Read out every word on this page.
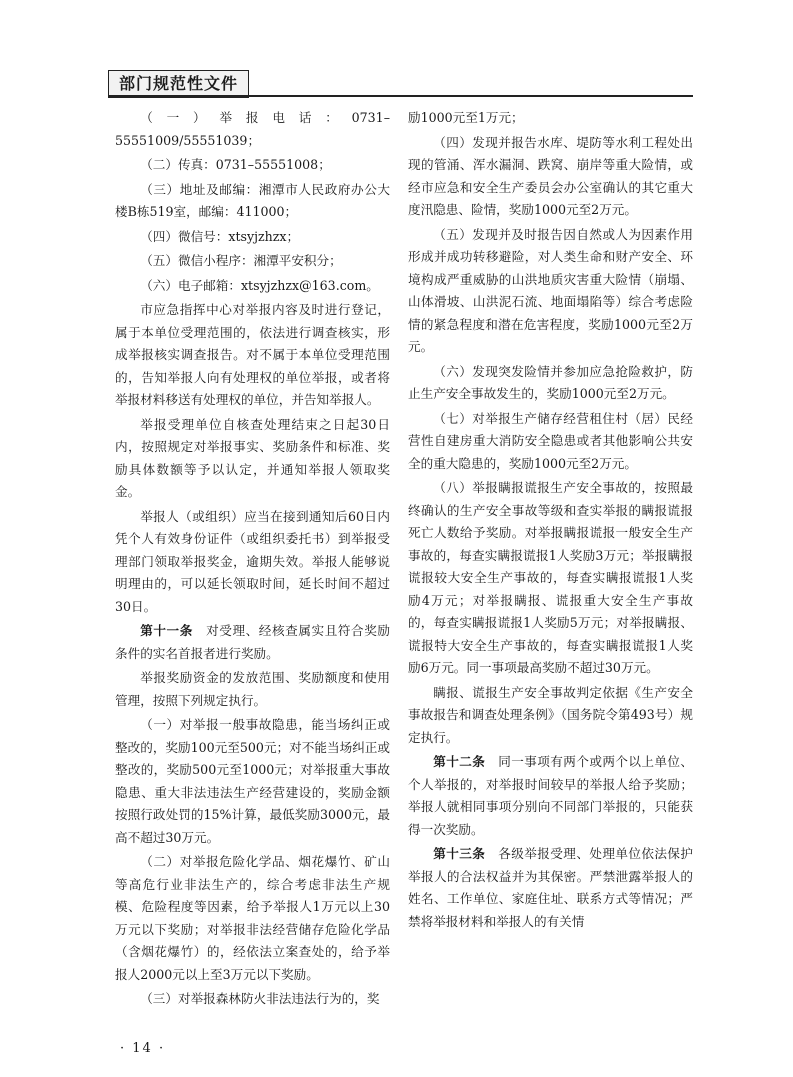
部门规范性文件

（一）举报电话：0731–55551009/55551039；

（二）传真：0731–55551008；

（三）地址及邮编：湘潭市人民政府办公大楼B栋519室，邮编：411000；

（四）微信号：xtsyjzhzx；

（五）微信小程序：湘潭平安积分；

（六）电子邮箱：xtsyjzhzx@163.com。

市应急指挥中心对举报内容及时进行登记，属于本单位受理范围的，依法进行调查核实，形成举报核实调查报告。对不属于本单位受理范围的，告知举报人向有处理权的单位举报，或者将举报材料移送有处理权的单位，并告知举报人。

举报受理单位自核查处理结束之日起30日内，按照规定对举报事实、奖励条件和标准、奖励具体数额等予以认定，并通知举报人领取奖金。

举报人（或组织）应当在接到通知后60日内凭个人有效身份证件（或组织委托书）到举报受理部门领取举报奖金，逾期失效。举报人能够说明理由的，可以延长领取时间，延长时间不超过30日。

第十一条　 对受理、经核查属实且符合奖励条件的实名首报者进行奖励。

举报奖励资金的发放范围、奖励额度和使用管理，按照下列规定执行。

（一）对举报一般事故隐患，能当场纠正或整改的，奖励100元至500元；对不能当场纠正或整改的，奖励500元至1000元；对举报重大事故隐患、重大非法违法生产经营建设的，奖励金额按照行政处罚的15%计算，最低奖励3000元，最高不超过30万元。

（二）对举报危险化学品、烟花爆竹、矿山等高危行业非法生产的，综合考虑非法生产规模、危险程度等因素，给予举报人1万元以上30万元以下奖励；对举报非法经营储存危险化学品（含烟花爆竹）的，经依法立案查处的，给予举报人2000元以上至3万元以下奖励。

（三）对举报森林防火非法违法行为的，奖

励1000元至1万元；

（四）发现并报告水库、堤防等水利工程处出现的管涌、浑水漏洞、跌窝、崩岸等重大险情，或经市应急和安全生产委员会办公室确认的其它重大度汛隐患、险情，奖励1000元至2万元。

（五）发现并及时报告因自然或人为因素作用形成并成功转移避险，对人类生命和财产安全、环境构成严重威胁的山洪地质灾害重大险情（崩塌、山体滑坡、山洪泥石流、地面塌陷等）综合考虑险情的紧急程度和潜在危害程度，奖励1000元至2万元。

（六）发现突发险情并参加应急抢险救护，防止生产安全事故发生的，奖励1000元至2万元。

（七）对举报生产储存经营租住村（居）民经营性自建房重大消防安全隐患或者其他影响公共安全的重大隐患的，奖励1000元至2万元。

（八）举报瞒报谎报生产安全事故的，按照最终确认的生产安全事故等级和查实举报的瞒报谎报死亡人数给予奖励。对举报瞒报谎报一般安全生产事故的，每查实瞒报谎报1人奖励3万元；举报瞒报谎报较大安全生产事故的，每查实瞒报谎报1人奖励4万元；对举报瞒报、谎报重大安全生产事故的，每查实瞒报谎报1人奖励5万元；对举报瞒报、谎报特大安全生产事故的，每查实瞒报谎报1人奖励6万元。同一事项最高奖励不超过30万元。

瞒报、谎报生产安全事故判定依据《生产安全事故报告和调查处理条例》（国务院令第493号）规定执行。

第十二条　 同一事项有两个或两个以上单位、个人举报的，对举报时间较早的举报人给予奖励；举报人就相同事项分别向不同部门举报的，只能获得一次奖励。

第十三条　 各级举报受理、处理单位依法保护举报人的合法权益并为其保密。严禁泄露举报人的姓名、工作单位、家庭住址、联系方式等情况；严禁将举报材料和举报人的有关情

· 14 ·
